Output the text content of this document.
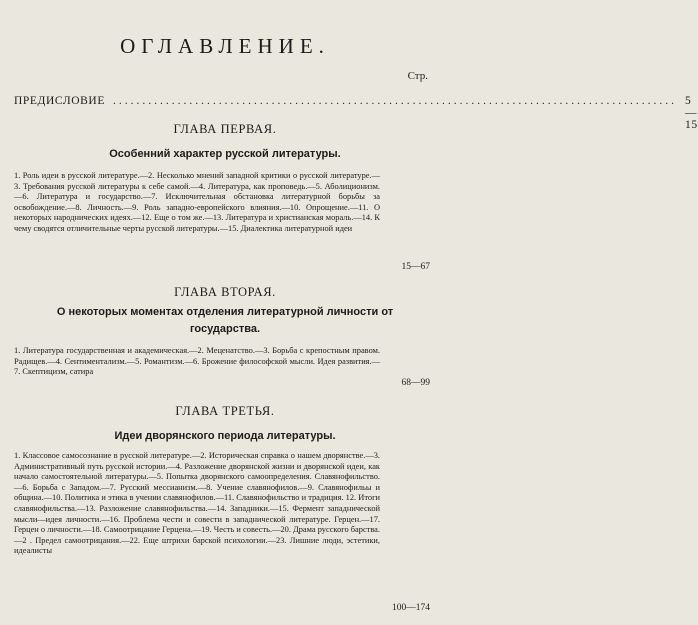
ОГЛАВЛЕНИЕ.
Стр.
ПРЕДИСЛОВИЕ ................................................................................................ 5—15
ГЛАВА ПЕРВАЯ.
Особенний характер русской литературы.

1. Роль идеи в русской литературе.—2. Несколько мнений западной критики о русской литературе.—3. Требования русской литературы к себе самой.—4. Литература, как проповедь.—5. Аболиционизм.—6. Литература и государство.—7. Исключительная обстановка литературной борьбы за освобождение.—8. Личность.—9. Роль западно-европейского влияния.—10. Опрощение.—11. О некоторых народнических идеях.—12. Еще о том же.—13. Литература и христианская мораль.—14. К чему сводятся отличительные черты русской литературы.—15. Диалектика литературной идеи

15—67
ГЛАВА ВТОРАЯ.
О некоторых моментах отделения литературной личности от государства.

1. Литература государственная и академическая.—2. Меценатство.—3. Борьба с крепостным правом. Радищев.—4. Сентиментализм.—5. Романтизм.—6. Брожение философской мысли. Идея развития.—7. Скептицизм, сатира

68—99
ГЛАВА ТРЕТЬЯ.
Идеи дворянского периода литературы.

1. Классовое самосознание в русской литературе.—2. Историческая справка о нашем дворянстве.—3. Административный путь русской истории.—4. Разложение дворянской жизни и дворянской идеи, как начало самостоятельной литературы.—5. Попытка дворянского самоопределения. Славянофильство.—6. Борьба с Западом.—7. Русский мессианизм.—8. Учение славянофилов.—9. Славянофильы и община.—10. Политика и этика в учении славянофилов.—11. Славянофильство и традиция. 12. Итоги славянофильства.—13. Разложение славянофильства.—14. Западники.—15. Фермент западнической мысли—идея личности.—16. Проблема чести и совести в западнической литературе. Герцен.—17. Герцен о личности.—18. Самоотрицание Герцена.—19. Честь и совесть.—20. Драма русского барства.—2 . Предел самоотрицания.—22. Еще штрихи барской психологии.—23. Лишние люди, эстетики, идеалисты

100—174
